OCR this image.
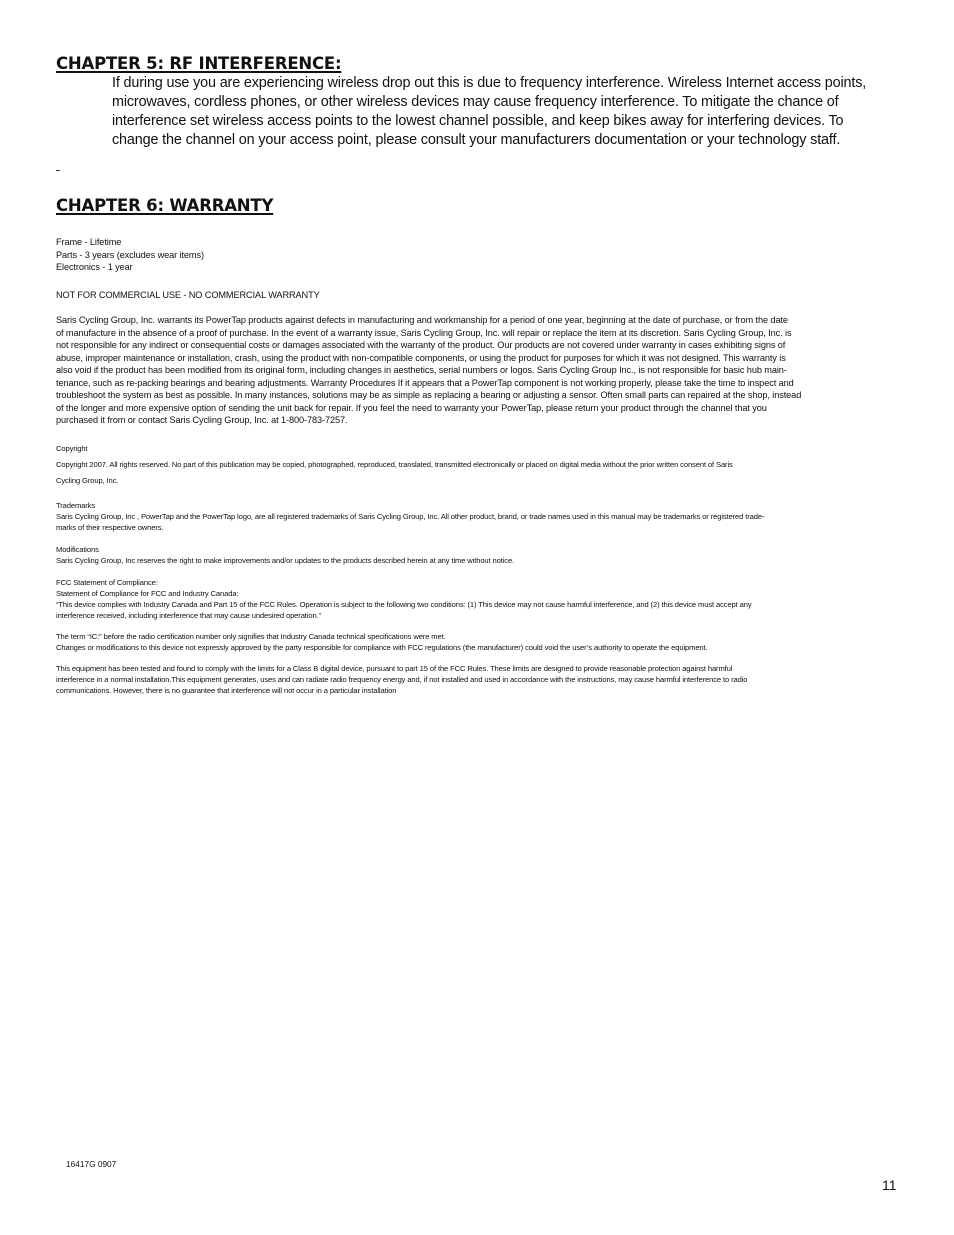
CHAPTER 5: RF INTERFERENCE:

If during use you are experiencing wireless drop out this is due to frequency interference. Wireless Internet access points,
microwaves, cordless phones, or other wireless devices may cause frequency interference. To mitigate the chance of
interference set wireless access points to the lowest channel possible, and keep bikes away for interfering devices. To
change the channel on your access point, please consult your manufacturers documentation or your technology staff.

CHAPTER 6: WARRANTY

Frame - Lifetime
Parts - 3 years (excludes wear items)
Electronics - 1 year

NOT FOR COMMERCIAL USE - NO COMMERCIAL WARRANTY

Saris Cycling Group, Inc. warrants its PowerTap products against defects in manufacturing and workmanship for a period of one year, beginning at the date of purchase, or from the date
of manufacture in the absence of a proof of purchase. In the event of a warranty issue, Saris Cycling Group, Inc. will repair or replace the item at its discretion. Saris Cycling Group, Inc. is
not responsible for any indirect or consequential costs or damages associated with the warranty of the product. Our products are not covered under warranty in cases exhibiting signs of
abuse, improper maintenance or installation, crash, using the product with non-compatible components, or using the product for purposes for which it was not designed. This warranty is
also void if the product has been modified from its original form, including changes in aesthetics, serial numbers or logos. Saris Cycling Group Inc., is not responsible for basic hub main-
tenance, such as re-packing bearings and bearing adjustments. Warranty Procedures If it appears that a PowerTap component is not working properly, please take the time to inspect and
troubleshoot the system as best as possible. In many instances, solutions may be as simple as replacing a bearing or adjusting a sensor. Often small parts can repaired at the shop, instead
of the longer and more expensive option of sending the unit back for repair. If you feel the need to warranty your PowerTap, please return your product through the channel that you
purchased it from or contact Saris Cycling Group, Inc. at 1-800-783-7257.

Copyright

Copyright 2007. All rights reserved. No part of this publication may be copied, photographed, reproduced, translated, transmitted electronically or placed on digital media without the prior written consent of Saris
Cycling Group, Inc.

Trademarks
Saris Cycling Group, Inc , PowerTap and the PowerTap logo, are all registered trademarks of Saris Cycling Group, Inc. All other product, brand, or trade names used in this manual may be trademarks or registered trade-
marks of their respective owners.

Modifications
Saris Cycling Group, Inc reserves the right to make improvements and/or updates to the products described herein at any time without notice.

FCC Statement of Compliance:
Statement of Compliance for FCC and Industry Canada:
“This device complies with Industry Canada and Part 15 of the FCC Rules. Operation is subject to the following two conditions: (1) This device may not cause harmful interference, and (2) this device must accept any
interference received, including interference that may cause undesired operation.”

The term “IC:” before the radio certification number only signifies that Industry Canada technical specifications were met.
Changes or modifications to this device not expressly approved by the party responsible for compliance with FCC regulations (the manufacturer) could void the user’s authority to operate the equipment.

This equipment has been tested and found to comply with the limits for a Class B digital device, pursuant to part 15 of the FCC Rules. These limits are designed to provide reasonable protection against harmful
interference in a normal installation.This equipment generates, uses and can radiate radio frequency energy and, if not installed and used in accordance with the instructions, may cause harmful interference to radio
communications. However, there is no guarantee that interference will not occur in a particular installation

16417G 0907

11
